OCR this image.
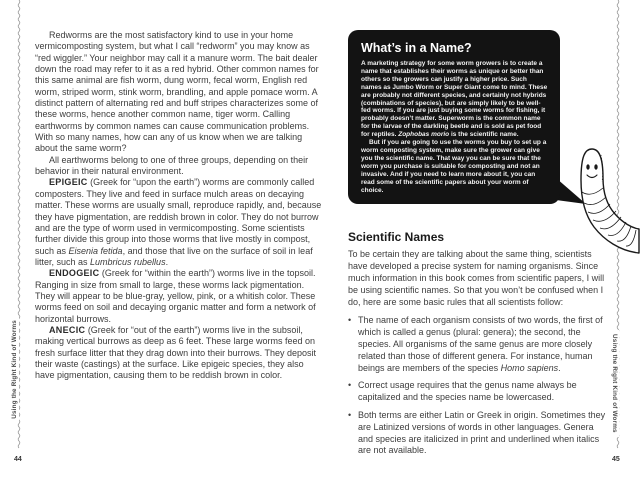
Redworms are the most satisfactory kind to use in your home vermicomposting system, but what I call “redworm” you may know as “red wiggler.” Your neighbor may call it a manure worm. The bait dealer down the road may refer to it as a red hybrid. Other common names for this same animal are fish worm, dung worm, fecal worm, English red worm, striped worm, stink worm, brandling, and apple pomace worm. A distinct pattern of alternating red and buff stripes characterizes some of these worms, hence another common name, tiger worm. Calling earthworms by common names can cause communication problems. With so many names, how can any of us know when we are talking about the same worm?

All earthworms belong to one of three groups, depending on their behavior in their natural environment.

EPIGEIC (Greek for “upon the earth”) worms are commonly called composters. They live and feed in surface mulch areas on decaying matter. These worms are usually small, reproduce rapidly, and, because they have pigmentation, are reddish brown in color. They do not burrow and are the type of worm used in vermicomposting. Some scientists further divide this group into those worms that live mostly in compost, such as Eisenia fetida, and those that live on the surface of soil in leaf litter, such as Lumbricus rubellus.

ENDOGEIC (Greek for “within the earth”) worms live in the topsoil. Ranging in size from small to large, these worms lack pigmentation. They will appear to be blue-gray, yellow, pink, or a whitish color. These worms feed on soil and decaying organic matter and form a network of horizontal burrows.

ANECIC (Greek for “out of the earth”) worms live in the subsoil, making vertical burrows as deep as 6 feet. These large worms feed on fresh surface litter that they drag down into their burrows. They deposit their waste (castings) at the surface. Like epigeic species, they also have pigmentation, causing them to be reddish brown in color.

Using the Right Kind of Worms
44
What’s in a Name?

A marketing strategy for some worm growers is to create a name that establishes their worms as unique or better than others so the growers can justify a higher price. Such names as Jumbo Worm or Super Giant come to mind. These are probably not different species, and certainly not hybrids (combinations of species), but are simply likely to be well-fed worms. If you are just buying some worms for fishing, it probably doesn’t matter. Superworm is the common name for the larvae of the darkling beetle and is sold as pet food for reptiles. Zophobas morio is the scientific name.

But if you are going to use the worms you buy to set up a worm composting system, make sure the grower can give you the scientific name. That way you can be sure that the worm you purchase is suitable for composting and not an invasive. And if you need to learn more about it, you can read some of the scientific papers about your worm of choice.

Scientific Names

To be certain they are talking about the same thing, scientists have developed a precise system for naming organisms. Since much information in this book comes from scientific papers, I will be using scientific names. So that you won’t be confused when I do, here are some basic rules that all scientists follow:

• The name of each organism consists of two words, the first of which is called a genus (plural: genera); the second, the species. All organisms of the same genus are more closely related than those of different genera. For instance, human beings are members of the species Homo sapiens.

• Correct usage requires that the genus name always be capitalized and the species name be lowercased.

• Both terms are either Latin or Greek in origin. Sometimes they are Latinized versions of words in other languages. Genera and species are italicized in print and underlined when italics are not available.

Using the Right Kind of Worms
45
